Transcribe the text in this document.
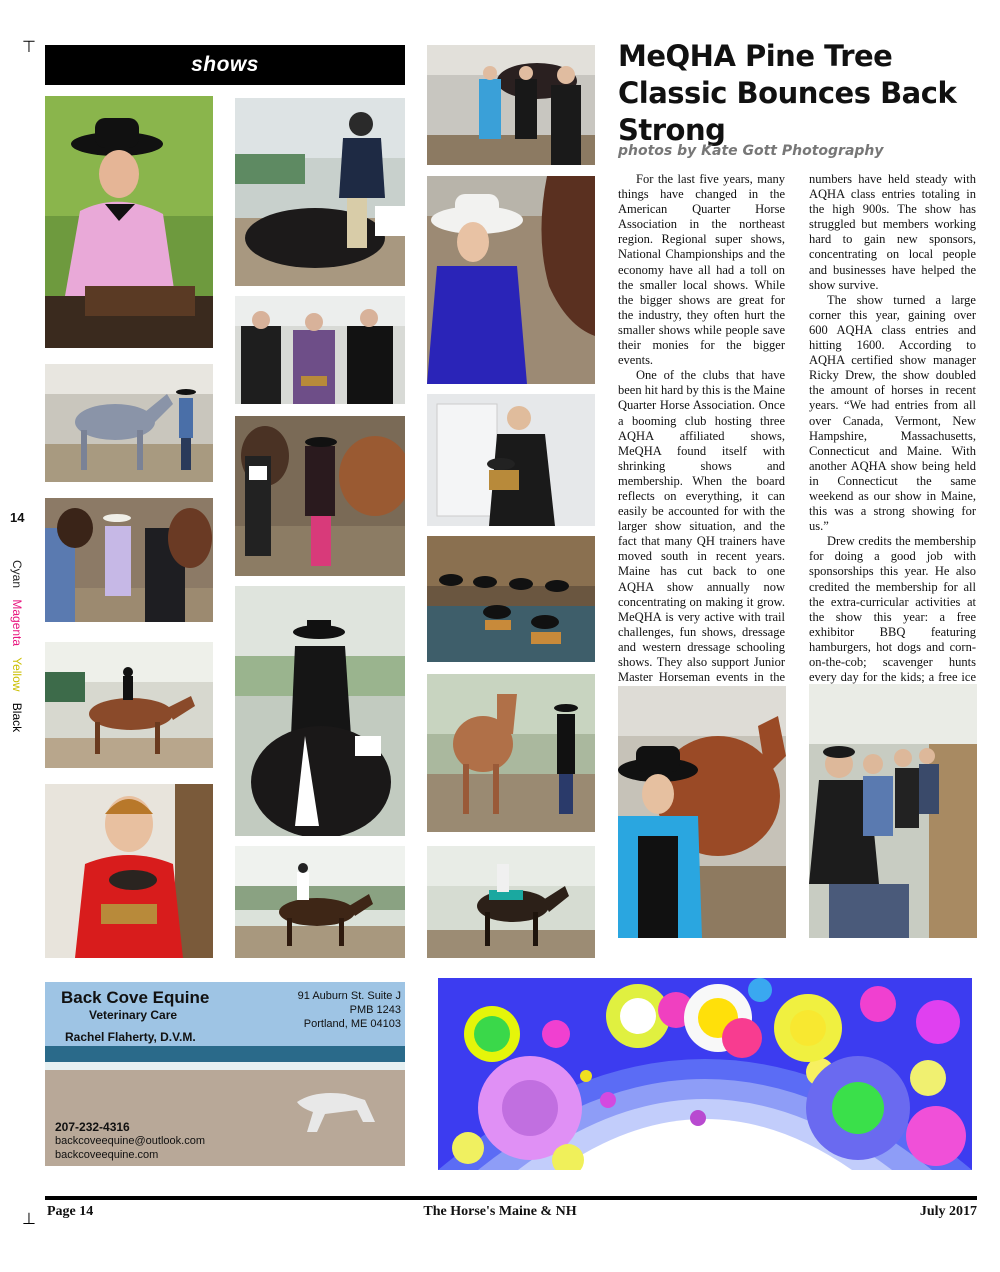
⊤
⊥
14
Cyan Magenta Yellow Black
shows	MeQHA Pine Tree Classic Bounces Back Strong
photos by Kate Gott Photography

For the last five years, many things have changed in the American Quarter Horse Association in the northeast region. Regional super shows, National Championships and the economy have all had a toll on the smaller local shows. While the bigger shows are great for the industry, they often hurt the smaller shows while people save their monies for the bigger events.

One of the clubs that have been hit hard by this is the Maine Quarter Horse Association. Once a booming club hosting three AQHA affiliated shows, MeQHA found itself with shrinking shows and membership. When the board reflects on everything, it can easily be accounted for with the larger show situation, and the fact that many QH trainers have moved south in recent years. Maine has cut back to one AQHA show annually now concentrating on making it grow. MeQHA is very active with trail challenges, fun shows, dressage and western dressage schooling shows. They also support Junior Master Horseman events in the

numbers have held steady with AQHA class entries totaling in the high 900s. The show has struggled but members working hard to gain new sponsors, concentrating on local people and businesses have helped the show survive.

The show turned a large corner this year, gaining over 600 AQHA class entries and hitting 1600. According to AQHA certified show manager Ricky Drew, the show doubled the amount of horses in recent years. “We had entries from all over Canada, Vermont, New Hampshire, Massachusetts, Connecticut and Maine. With another AQHA show being held in Connecticut the same weekend as our show in Maine, this was a strong showing for us.”

Drew credits the membership for doing a good job with sponsorships this year. He also credited the membership for all the extra-curricular activities at the show this year: a free exhibitor BBQ featuring hamburgers, hot dogs and corn-on-the-cob; scavenger hunts every day for the kids; a free ice

Back Cove Equine
Veterinary Care
Rachel Flaherty, D.V.M.
91 Auburn St. Suite J
PMB 1243
Portland, ME 04103
207-232-4316
backcoveequine@outlook.com
backcoveequine.com
Page 14	The Horse's Maine & NH	July 2017
